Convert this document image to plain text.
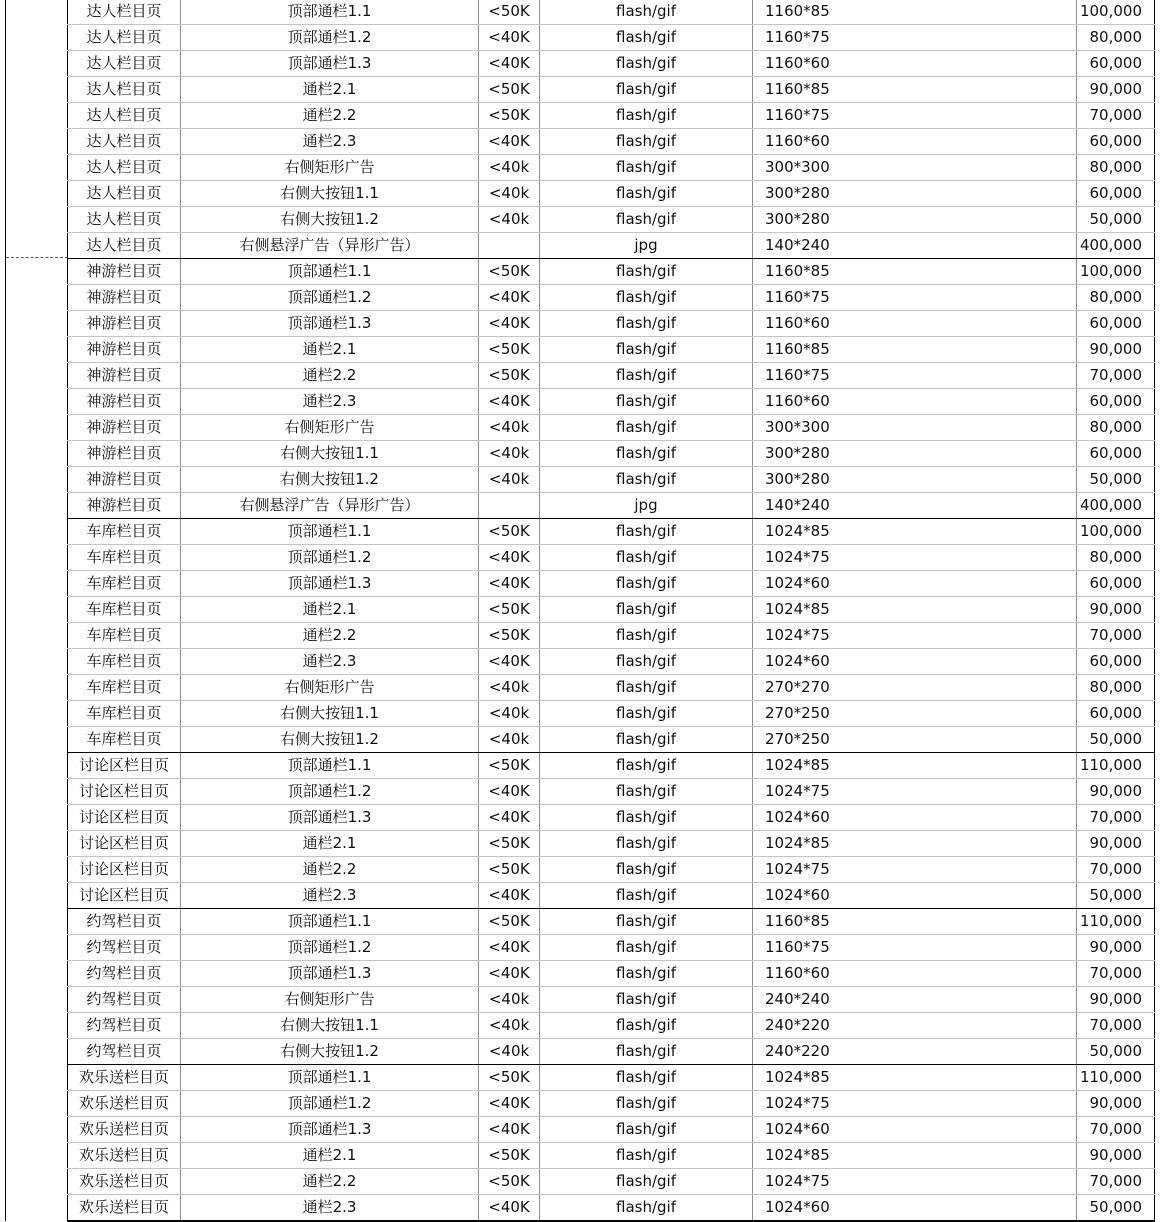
达人栏目页	顶部通栏1.1	<50K	flash/gif	1160*85	100,000
达人栏目页	顶部通栏1.2	<40K	flash/gif	1160*75	80,000
达人栏目页	顶部通栏1.3	<40K	flash/gif	1160*60	60,000
达人栏目页	通栏2.1	<50K	flash/gif	1160*85	90,000
达人栏目页	通栏2.2	<50K	flash/gif	1160*75	70,000
达人栏目页	通栏2.3	<40K	flash/gif	1160*60	60,000
达人栏目页	右侧矩形广告	<40k	flash/gif	300*300	80,000
达人栏目页	右侧大按钮1.1	<40k	flash/gif	300*280	60,000
达人栏目页	右侧大按钮1.2	<40k	flash/gif	300*280	50,000
达人栏目页	右侧悬浮广告（异形广告）		jpg	140*240	400,000
神游栏目页	顶部通栏1.1	<50K	flash/gif	1160*85	100,000
神游栏目页	顶部通栏1.2	<40K	flash/gif	1160*75	80,000
神游栏目页	顶部通栏1.3	<40K	flash/gif	1160*60	60,000
神游栏目页	通栏2.1	<50K	flash/gif	1160*85	90,000
神游栏目页	通栏2.2	<50K	flash/gif	1160*75	70,000
神游栏目页	通栏2.3	<40K	flash/gif	1160*60	60,000
神游栏目页	右侧矩形广告	<40k	flash/gif	300*300	80,000
神游栏目页	右侧大按钮1.1	<40k	flash/gif	300*280	60,000
神游栏目页	右侧大按钮1.2	<40k	flash/gif	300*280	50,000
神游栏目页	右侧悬浮广告（异形广告）		jpg	140*240	400,000
车库栏目页	顶部通栏1.1	<50K	flash/gif	1024*85	100,000
车库栏目页	顶部通栏1.2	<40K	flash/gif	1024*75	80,000
车库栏目页	顶部通栏1.3	<40K	flash/gif	1024*60	60,000
车库栏目页	通栏2.1	<50K	flash/gif	1024*85	90,000
车库栏目页	通栏2.2	<50K	flash/gif	1024*75	70,000
车库栏目页	通栏2.3	<40K	flash/gif	1024*60	60,000
车库栏目页	右侧矩形广告	<40k	flash/gif	270*270	80,000
车库栏目页	右侧大按钮1.1	<40k	flash/gif	270*250	60,000
车库栏目页	右侧大按钮1.2	<40k	flash/gif	270*250	50,000
讨论区栏目页	顶部通栏1.1	<50K	flash/gif	1024*85	110,000
讨论区栏目页	顶部通栏1.2	<40K	flash/gif	1024*75	90,000
讨论区栏目页	顶部通栏1.3	<40K	flash/gif	1024*60	70,000
讨论区栏目页	通栏2.1	<50K	flash/gif	1024*85	90,000
讨论区栏目页	通栏2.2	<50K	flash/gif	1024*75	70,000
讨论区栏目页	通栏2.3	<40K	flash/gif	1024*60	50,000
约驾栏目页	顶部通栏1.1	<50K	flash/gif	1160*85	110,000
约驾栏目页	顶部通栏1.2	<40K	flash/gif	1160*75	90,000
约驾栏目页	顶部通栏1.3	<40K	flash/gif	1160*60	70,000
约驾栏目页	右侧矩形广告	<40k	flash/gif	240*240	90,000
约驾栏目页	右侧大按钮1.1	<40k	flash/gif	240*220	70,000
约驾栏目页	右侧大按钮1.2	<40k	flash/gif	240*220	50,000
欢乐送栏目页	顶部通栏1.1	<50K	flash/gif	1024*85	110,000
欢乐送栏目页	顶部通栏1.2	<40K	flash/gif	1024*75	90,000
欢乐送栏目页	顶部通栏1.3	<40K	flash/gif	1024*60	70,000
欢乐送栏目页	通栏2.1	<50K	flash/gif	1024*85	90,000
欢乐送栏目页	通栏2.2	<50K	flash/gif	1024*75	70,000
欢乐送栏目页	通栏2.3	<40K	flash/gif	1024*60	50,000
